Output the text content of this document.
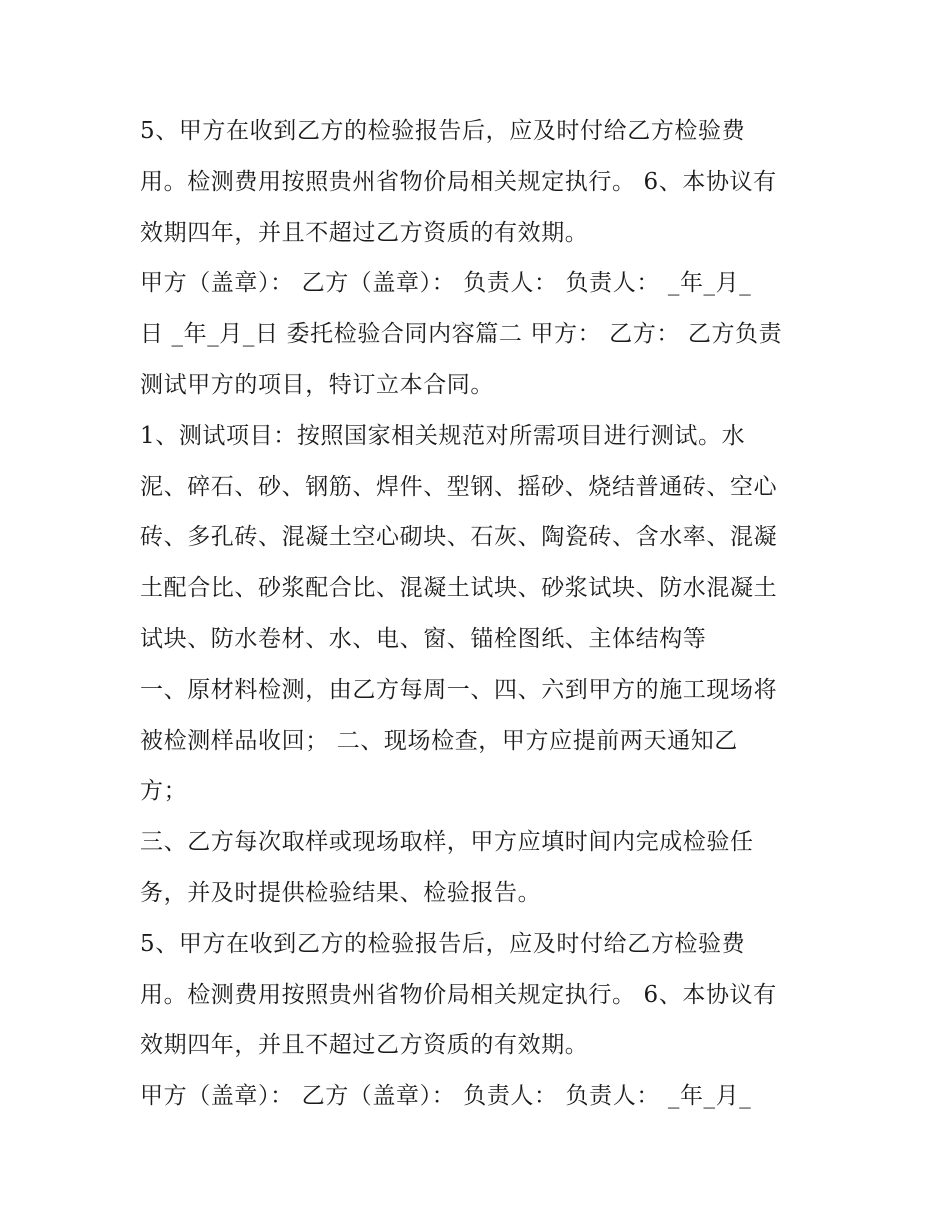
5、甲方在收到乙方的检验报告后，应及时付给乙方检验费
用。检测费用按照贵州省物价局相关规定执行。 6、本协议有
效期四年，并且不超过乙方资质的有效期。

甲方（盖章）： 乙方（盖章）： 负责人： 负责人： _年_月_
日 _年_月_日 委托检验合同内容篇二 甲方： 乙方： 乙方负责
测试甲方的项目，特订立本合同。

1、测试项目：按照国家相关规范对所需项目进行测试。水
泥、碎石、砂、钢筋、焊件、型钢、摇砂、烧结普通砖、空心
砖、多孔砖、混凝土空心砌块、石灰、陶瓷砖、含水率、混凝
土配合比、砂浆配合比、混凝土试块、砂浆试块、防水混凝土
试块、防水卷材、水、电、窗、锚栓图纸、主体结构等

一、原材料检测，由乙方每周一、四、六到甲方的施工现场将
被检测样品收回； 二、现场检查，甲方应提前两天通知乙
方；

三、乙方每次取样或现场取样，甲方应填时间内完成检验任
务，并及时提供检验结果、检验报告。

5、甲方在收到乙方的检验报告后，应及时付给乙方检验费
用。检测费用按照贵州省物价局相关规定执行。 6、本协议有
效期四年，并且不超过乙方资质的有效期。

甲方（盖章）： 乙方（盖章）： 负责人： 负责人： _年_月_
